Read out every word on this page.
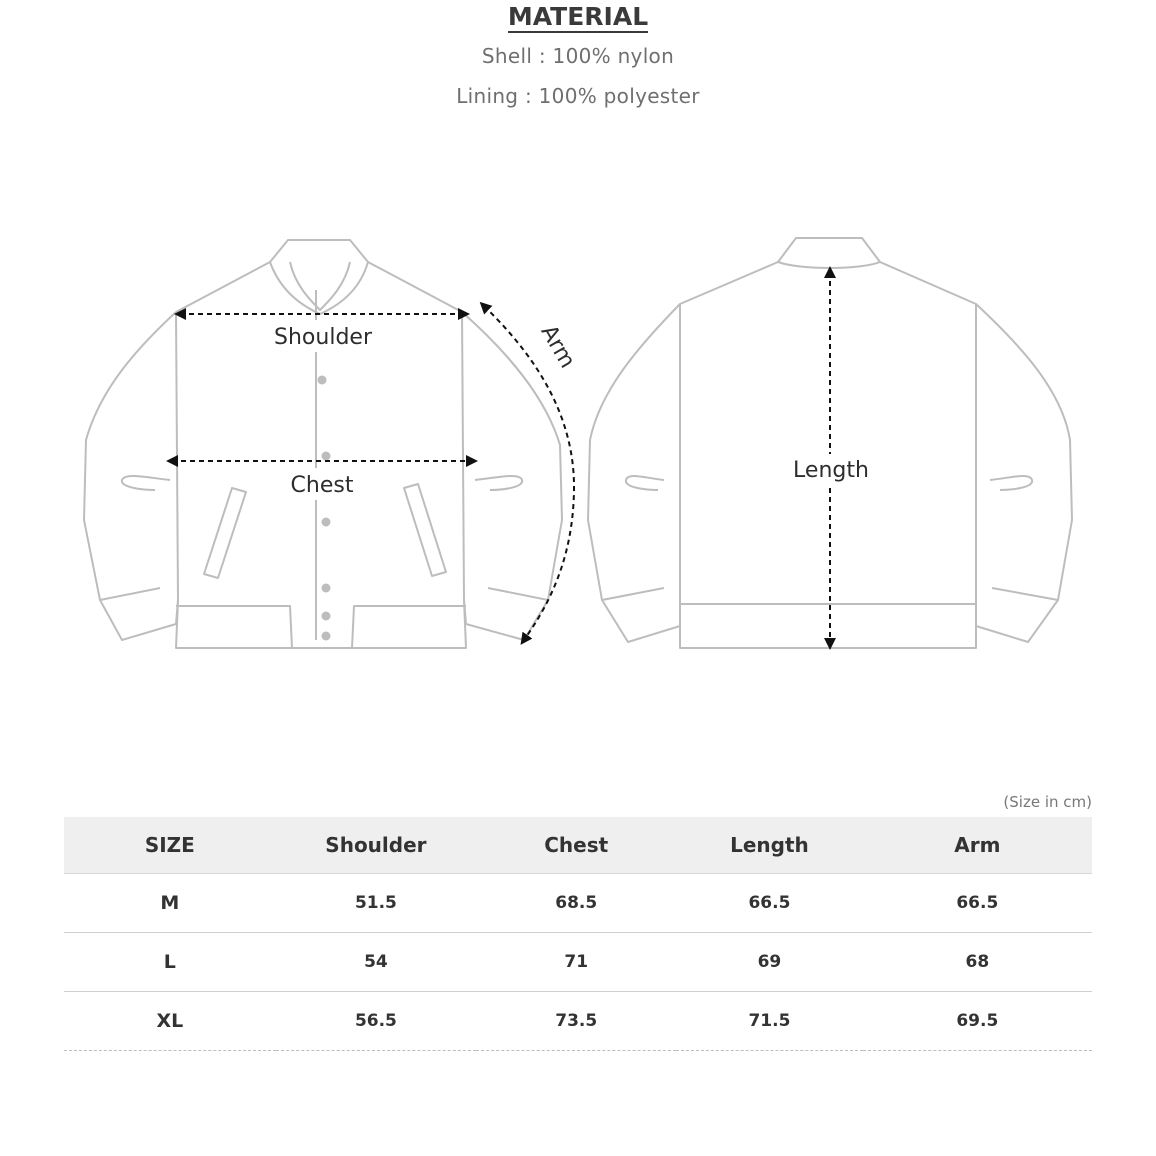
MATERIAL
Shell : 100% nylon
Lining : 100% polyester
Shoulder
Chest
Arm
Length
(Size in cm)
SIZE	Shoulder	Chest	Length	Arm
M	51.5	68.5	66.5	66.5
L	54	71	69	68
XL	56.5	73.5	71.5	69.5
